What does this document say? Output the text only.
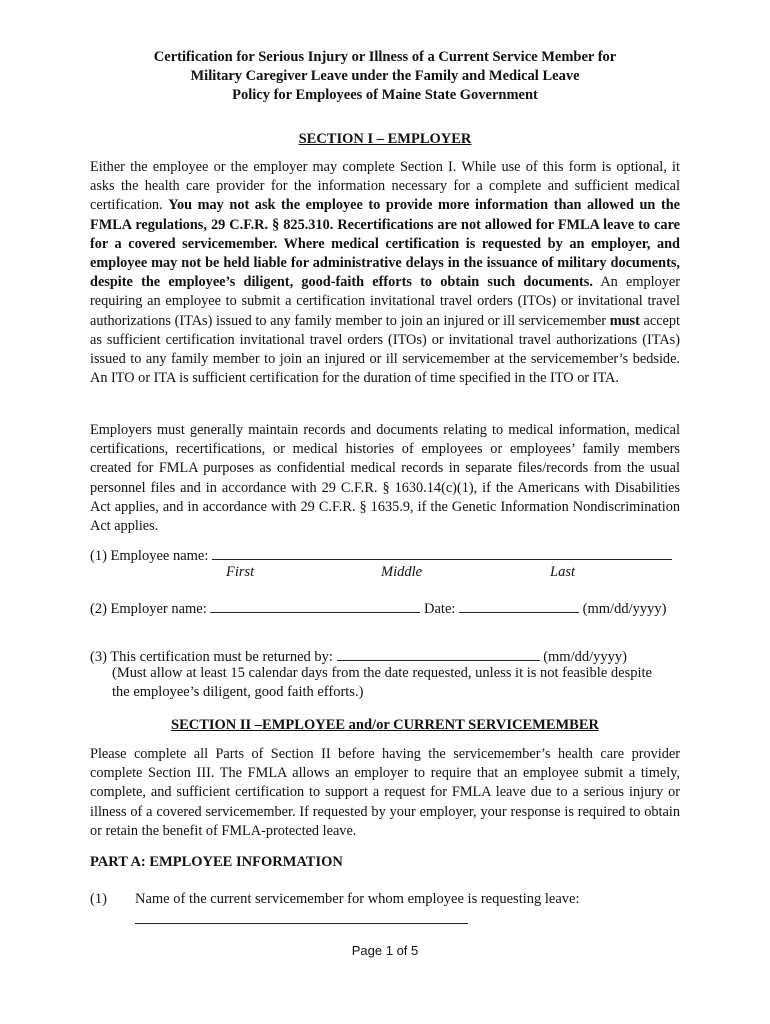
Certification for Serious Injury or Illness of a Current Service Member for
Military Caregiver Leave under the Family and Medical Leave
Policy for Employees of Maine State Government
SECTION I – EMPLOYER
Either the employee or the employer may complete Section I. While use of this form is optional, it asks the health care provider for the information necessary for a complete and sufficient medical certification. You may not ask the employee to provide more information than allowed un the FMLA regulations, 29 C.F.R. § 825.310. Recertifications are not allowed for FMLA leave to care for a covered servicemember. Where medical certification is requested by an employer, and employee may not be held liable for administrative delays in the issuance of military documents, despite the employee’s diligent, good-faith efforts to obtain such documents. An employer requiring an employee to submit a certification invitational travel orders (ITOs) or invitational travel authorizations (ITAs) issued to any family member to join an injured or ill servicemember must accept as sufficient certification invitational travel orders (ITOs) or invitational travel authorizations (ITAs) issued to any family member to join an injured or ill servicemember at the servicemember’s bedside. An ITO or ITA is sufficient certification for the duration of time specified in the ITO or ITA.
Employers must generally maintain records and documents relating to medical information, medical certifications, recertifications, or medical histories of employees or employees’ family members created for FMLA purposes as confidential medical records in separate files/records from the usual personnel files and in accordance with 29 C.F.R. § 1630.14(c)(1), if the Americans with Disabilities Act applies, and in accordance with 29 C.F.R. § 1635.9, if the Genetic Information Nondiscrimination Act applies.
(1) Employee name:
First	Middle	Last
(2) Employer name:	Date:	(mm/dd/yyyy)
(3) This certification must be returned by:	(mm/dd/yyyy)
(Must allow at least 15 calendar days from the date requested, unless it is not feasible despite
the employee’s diligent, good faith efforts.)
SECTION II –EMPLOYEE and/or CURRENT SERVICEMEMBER
Please complete all Parts of Section II before having the servicemember’s health care provider complete Section III. The FMLA allows an employer to require that an employee submit a timely, complete, and sufficient certification to support a request for FMLA leave due to a serious injury or illness of a covered servicemember. If requested by your employer, your response is required to obtain or retain the benefit of FMLA-protected leave.
PART A: EMPLOYEE INFORMATION
(1) Name of the current servicemember for whom employee is requesting leave:
Page 1 of 5
